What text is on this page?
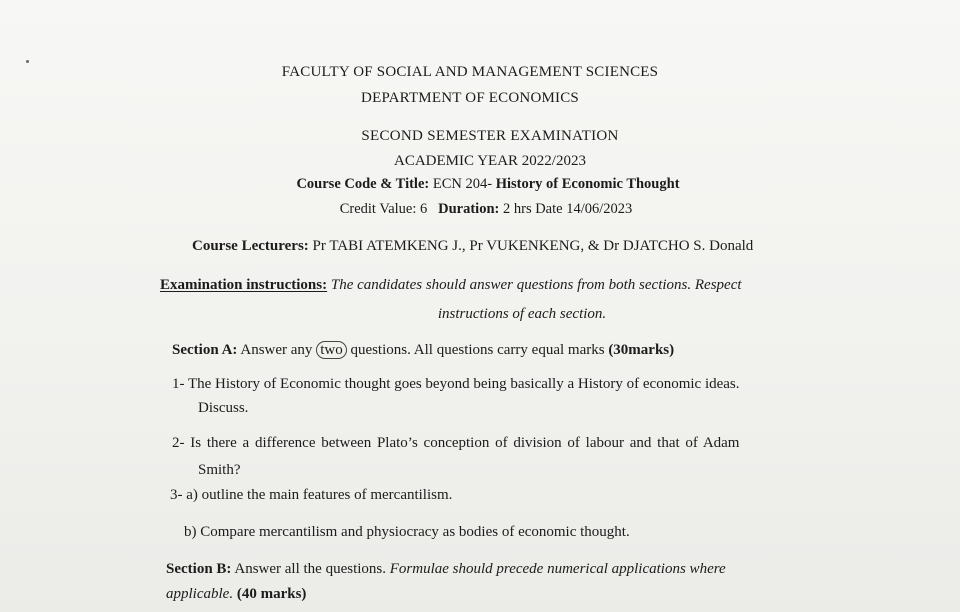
FACULTY OF SOCIAL AND MANAGEMENT SCIENCES

DEPARTMENT OF ECONOMICS

SECOND SEMESTER EXAMINATION

ACADEMIC YEAR 2022/2023

Course Code & Title: ECN 204- History of Economic Thought

Credit Value: 6 Duration: 2 hrs Date 14/06/2023

Course Lecturers: Pr TABI ATEMKENG J., Pr VUKENKENG, & Dr DJATCHO S. Donald

Examination instructions: The candidates should answer questions from both sections. Respect

instructions of each section.

Section A: Answer any two questions. All questions carry equal marks (30marks)

1- The History of Economic thought goes beyond being basically a History of economic ideas.

Discuss.

2- Is there a difference between Plato’s conception of division of labour and that of Adam

Smith?

3- a) outline the main features of mercantilism.

b) Compare mercantilism and physiocracy as bodies of economic thought.

Section B: Answer all the questions. Formulae should precede numerical applications where

applicable. (40 marks)
